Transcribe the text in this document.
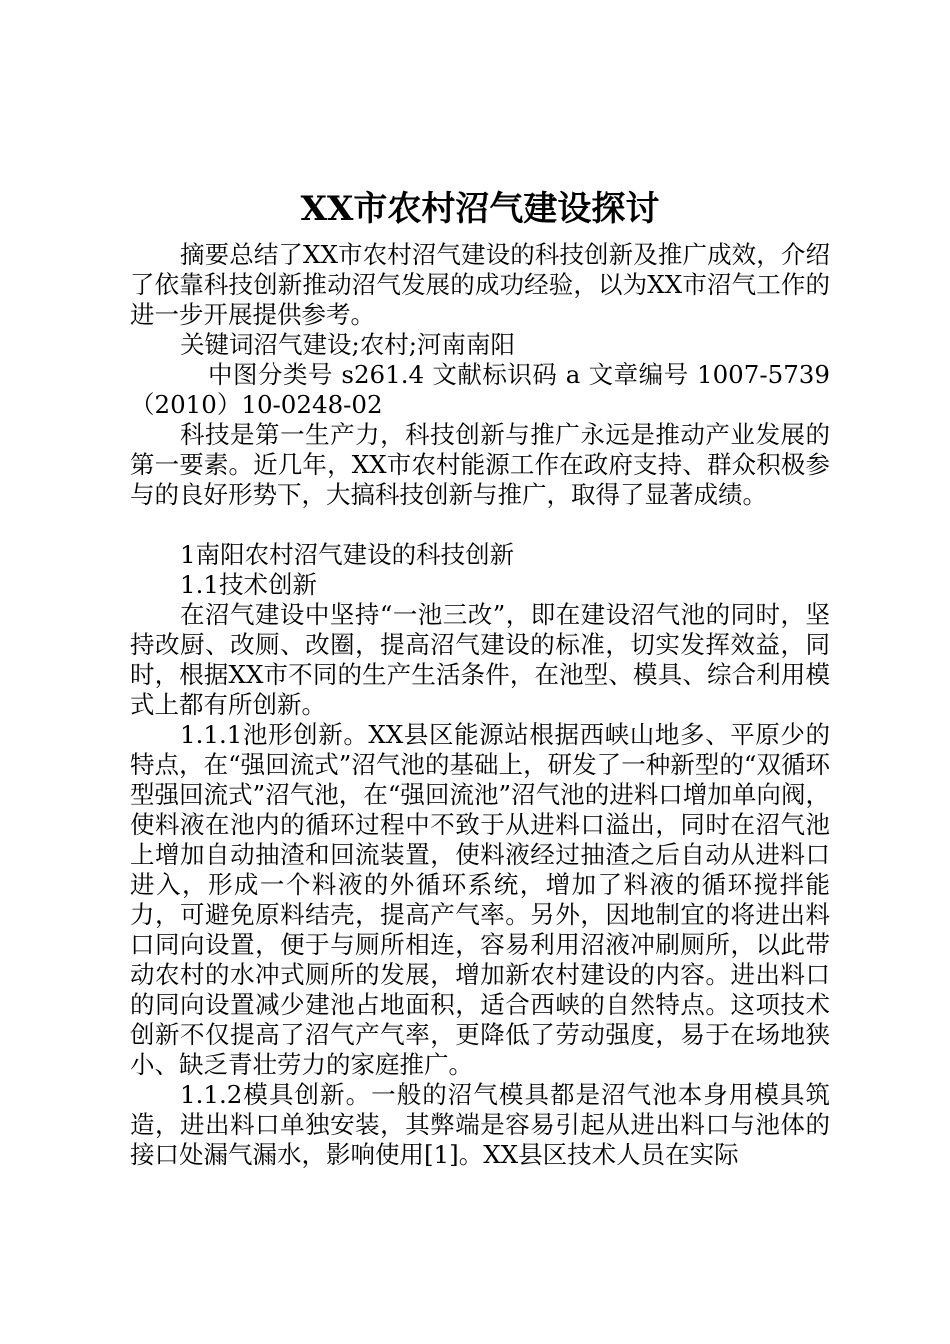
XX市农村沼气建设探讨

摘要总结了XX市农村沼气建设的科技创新及推广成效，介绍了依靠科技创新推动沼气发展的成功经验，以为XX市沼气工作的进一步开展提供参考。

关键词沼气建设;农村;河南南阳

中图分类号 s261.4 文献标识码 a 文章编号 1007-5739（2010）10-0248-02

科技是第一生产力，科技创新与推广永远是推动产业发展的第一要素。近几年，XX市农村能源工作在政府支持、群众积极参与的良好形势下，大搞科技创新与推广，取得了显著成绩。

1南阳农村沼气建设的科技创新

1.1技术创新

在沼气建设中坚持“一池三改”，即在建设沼气池的同时，坚持改厨、改厕、改圈，提高沼气建设的标准，切实发挥效益，同时，根据XX市不同的生产生活条件，在池型、模具、综合利用模式上都有所创新。

1.1.1池形创新。XX县区能源站根据西峡山地多、平原少的特点，在“强回流式”沼气池的基础上，研发了一种新型的“双循环型强回流式”沼气池，在“强回流池”沼气池的进料口增加单向阀，使料液在池内的循环过程中不致于从进料口溢出，同时在沼气池上增加自动抽渣和回流装置，使料液经过抽渣之后自动从进料口进入，形成一个料液的外循环系统，增加了料液的循环搅拌能力，可避免原料结壳，提高产气率。另外，因地制宜的将进出料口同向设置，便于与厕所相连，容易利用沼液冲刷厕所，以此带动农村的水冲式厕所的发展，增加新农村建设的内容。进出料口的同向设置减少建池占地面积，适合西峡的自然特点。这项技术创新不仅提高了沼气产气率，更降低了劳动强度，易于在场地狭小、缺乏青壮劳力的家庭推广。

1.1.2模具创新。一般的沼气模具都是沼气池本身用模具筑造，进出料口单独安装，其弊端是容易引起从进出料口与池体的接口处漏气漏水，影响使用[1]。XX县区技术人员在实际
